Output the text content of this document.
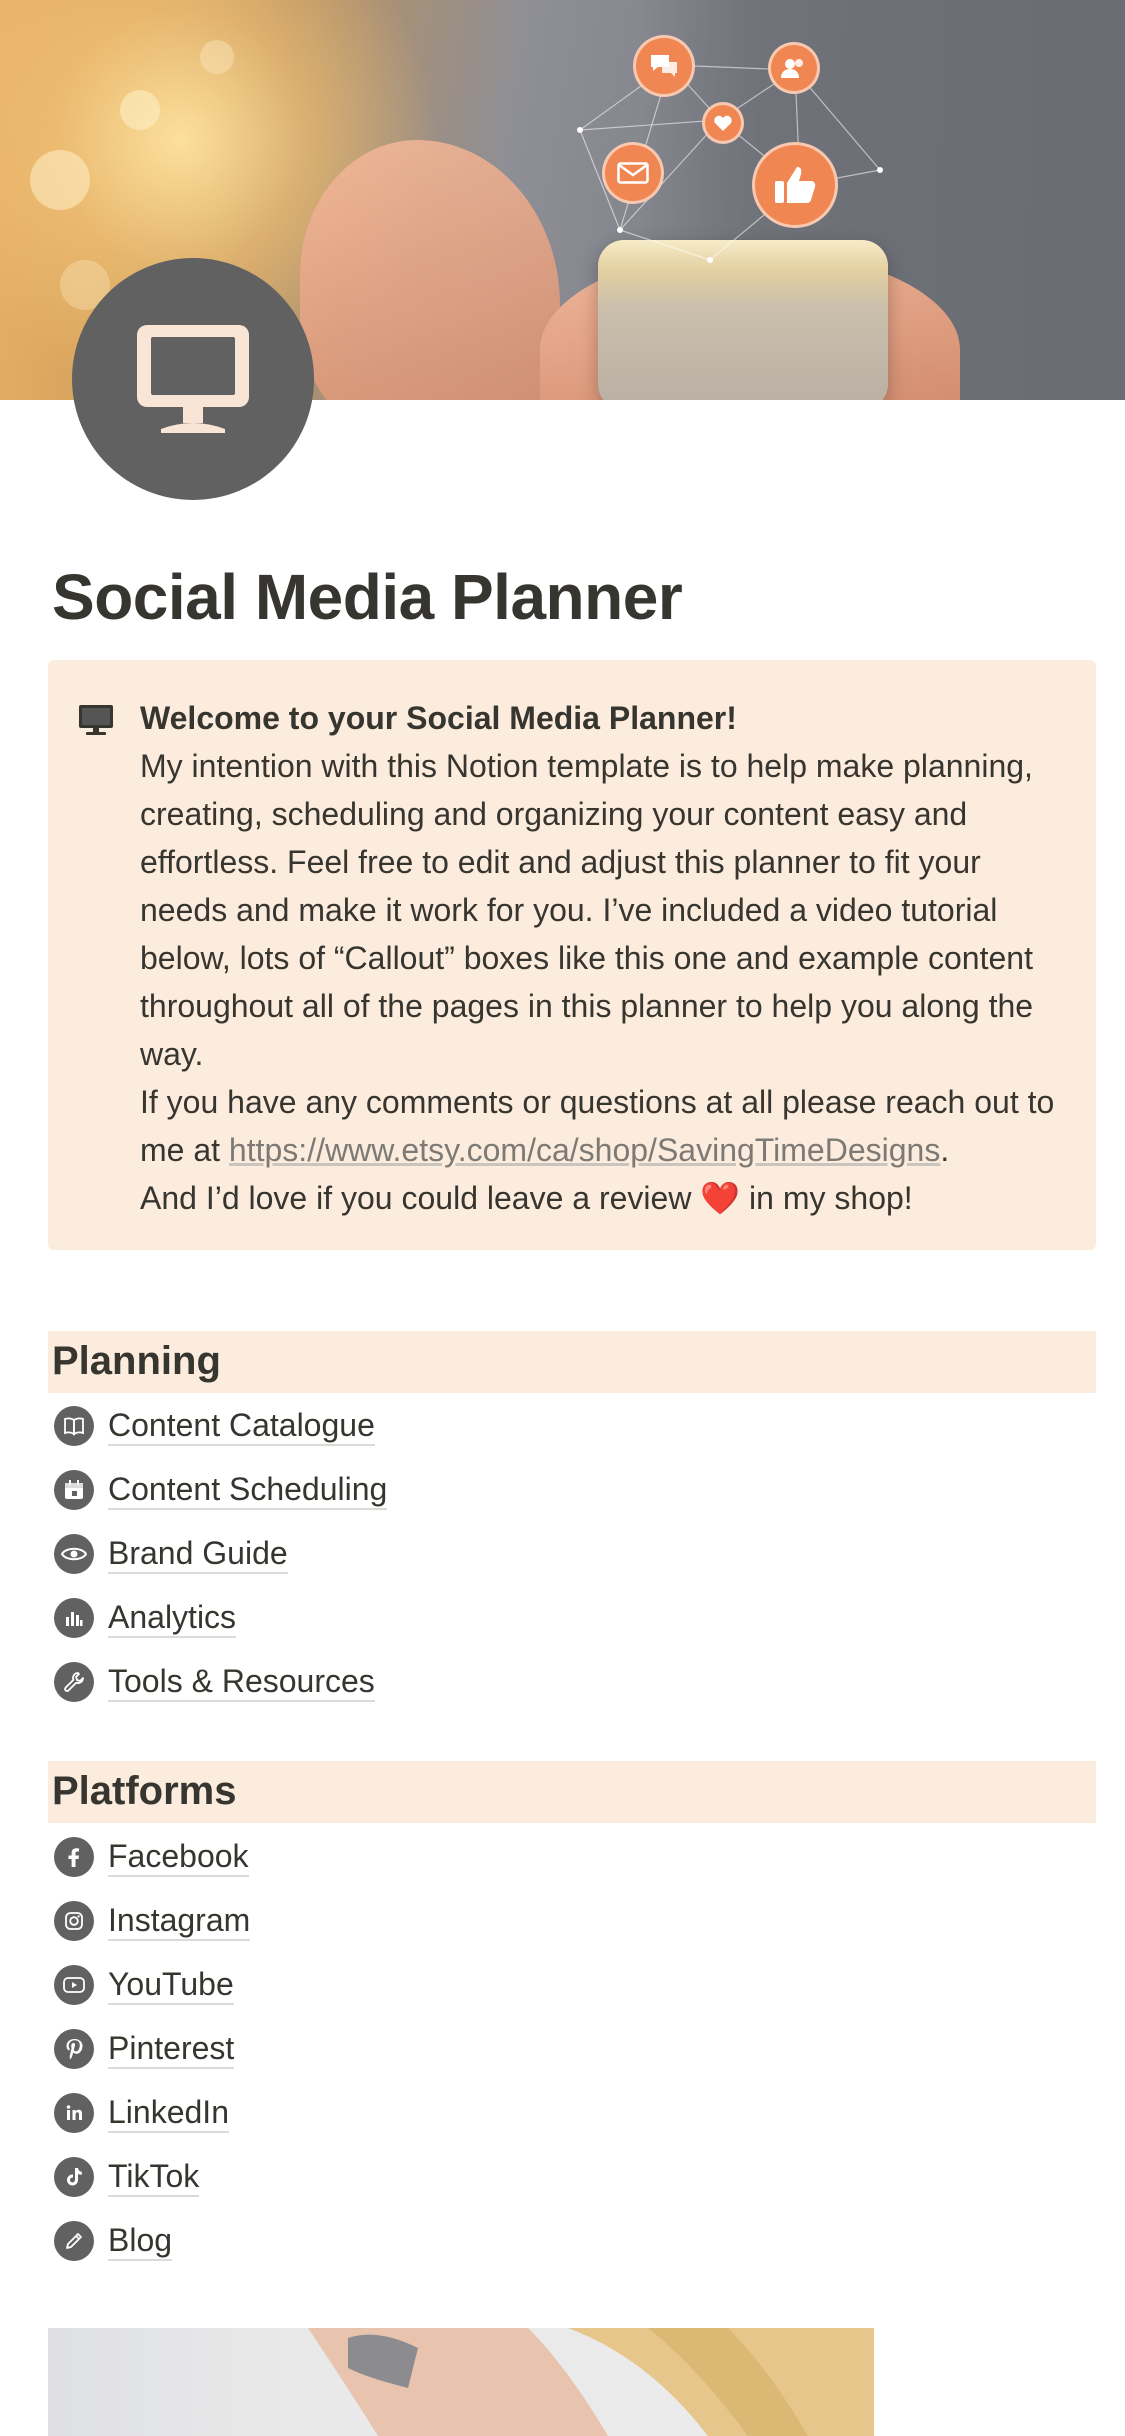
Social Media Planner
Welcome to your Social Media Planner!
My intention with this Notion template is to help make planning, creating, scheduling and organizing your content easy and effortless. Feel free to edit and adjust this planner to fit your needs and make it work for you. I’ve included a video tutorial below, lots of “Callout” boxes like this one and example content throughout all of the pages in this planner to help you along the way.
If you have any comments or questions at all please reach out to me at https://www.etsy.com/ca/shop/SavingTimeDesigns.
And I’d love if you could leave a review ❤️ in my shop!
Planning
Content Catalogue
Content Scheduling
Brand Guide
Analytics
Tools & Resources
Platforms
Facebook
Instagram
YouTube
Pinterest
LinkedIn
TikTok
Blog
